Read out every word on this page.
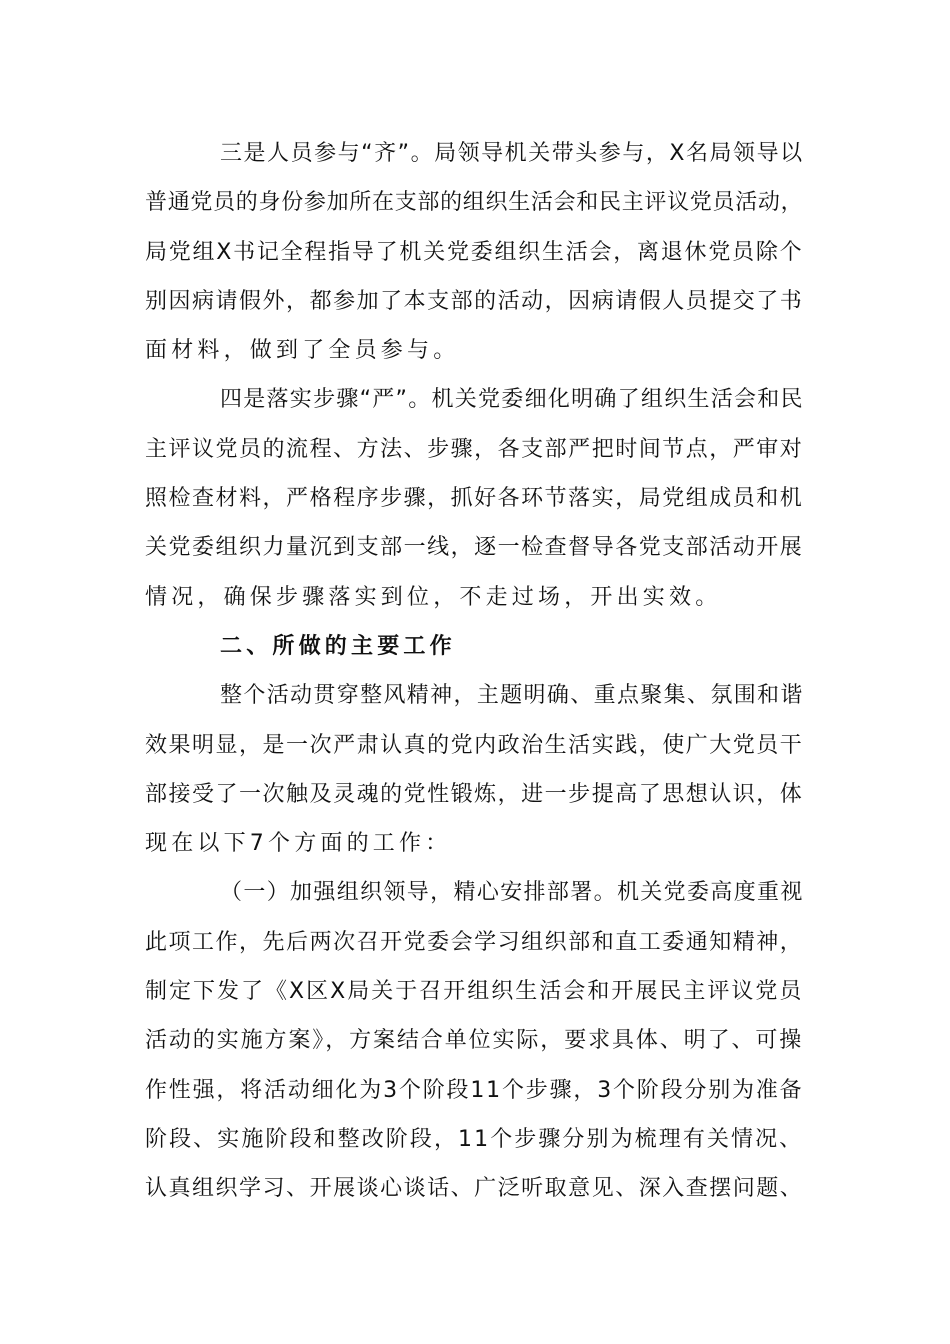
三是人员参与“齐”。局领导机关带头参与，X名局领导以
普通党员的身份参加所在支部的组织生活会和民主评议党员活动，
局党组X书记全程指导了机关党委组织生活会，离退休党员除个
别因病请假外，都参加了本支部的活动，因病请假人员提交了书
面材料，做到了全员参与。
四是落实步骤“严”。机关党委细化明确了组织生活会和民
主评议党员的流程、方法、步骤，各支部严把时间节点，严审对
照检查材料，严格程序步骤，抓好各环节落实，局党组成员和机
关党委组织力量沉到支部一线，逐一检查督导各党支部活动开展
情况，确保步骤落实到位，不走过场，开出实效。
二、所做的主要工作
整个活动贯穿整风精神，主题明确、重点聚集、氛围和谐
效果明显，是一次严肃认真的党内政治生活实践，使广大党员干
部接受了一次触及灵魂的党性锻炼，进一步提高了思想认识，体
现在以下7个方面的工作：
（一）加强组织领导，精心安排部署。机关党委高度重视
此项工作，先后两次召开党委会学习组织部和直工委通知精神，
制定下发了《X区X局关于召开组织生活会和开展民主评议党员
活动的实施方案》，方案结合单位实际，要求具体、明了、可操
作性强，将活动细化为3个阶段11个步骤，3个阶段分别为准备
阶段、实施阶段和整改阶段，11个步骤分别为梳理有关情况、
认真组织学习、开展谈心谈话、广泛听取意见、深入查摆问题、
